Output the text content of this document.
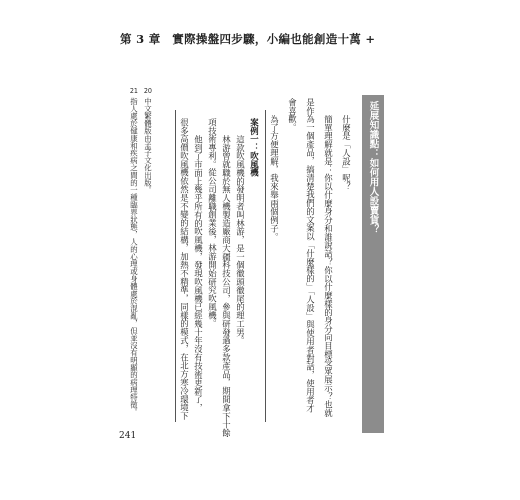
第 3 章　實際操盤四步驟，小編也能創造十萬 +
延展知識點：如何用人設賣貨？
什麼是「人設」呢？
簡單理解就是：你以什麼身分和誰說話？你以什麼樣的身分向目標受眾展示？也就
是作為一個產品，搞清楚我們的文案以「什麼樣的」「人設」與使用者對話，使用者才
會喜歡。
為了方便理解，我來舉兩個例子。
案例一：吹風機
這款吹風機的發明者叫林游，是一個徹頭徹尾的理工男。
林游曾就職於無人機製造廠商大疆科技公司，參與研發過多款產品，期間拿下十餘
項技術專利。從公司離職創業後，林游開始研究吹風機。
他到了市面上幾乎所有的吹風機，發現吹風機已經幾十年沒有技術更新了，
很多高價吹風機依然是不變的結構，加熱不精準，同樣的模式，在北方寒冷環境下
20中文繁體版由孟子文化出版。
21指人處於健康和疾病之間的一種臨界狀態，人的心理或身體處於混亂，但並沒有明顯的病理特徵。
241
